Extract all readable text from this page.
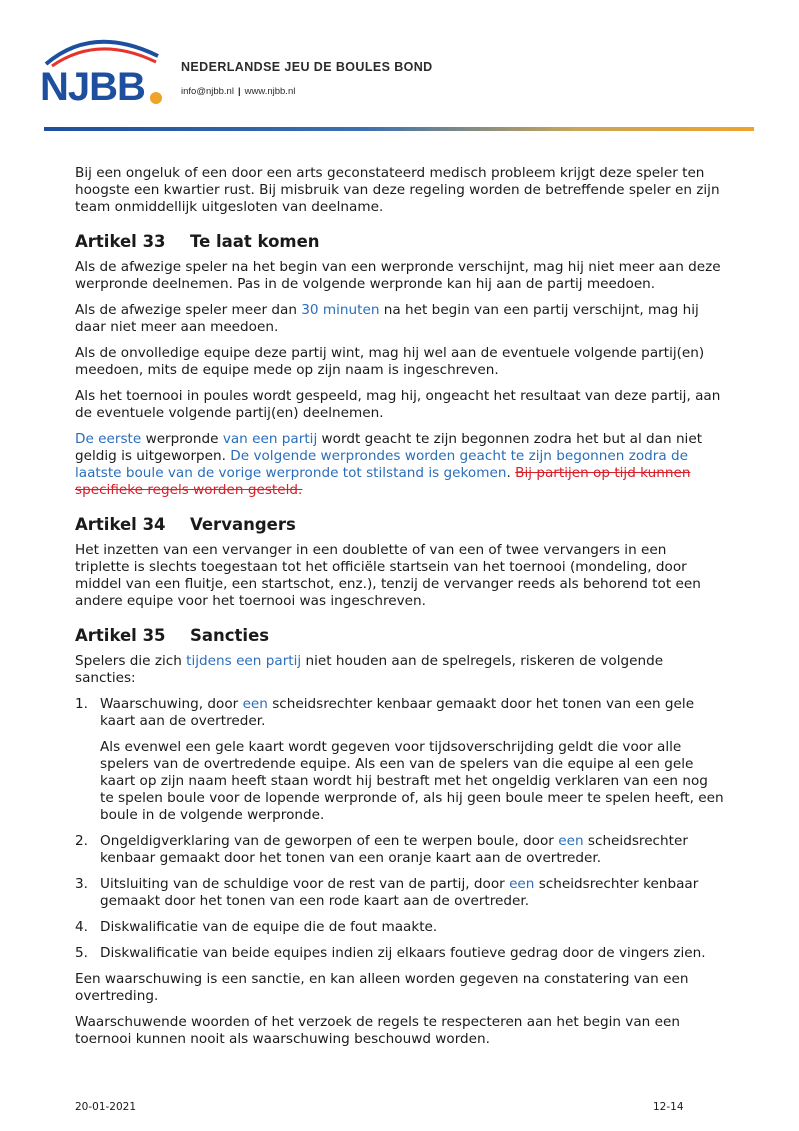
NJBB	NEDERLANDSE JEU DE BOULES BOND
info@njbb.nl | www.njbb.nl

Bij een ongeluk of een door een arts geconstateerd medisch probleem krijgt deze speler ten hoogste een kwartier rust. Bij misbruik van deze regeling worden de betreffende speler en zijn team onmiddellijk uitgesloten van deelname.

Artikel 33 Te laat komen

Als de afwezige speler na het begin van een werpronde verschijnt, mag hij niet meer aan deze werpronde deelnemen. Pas in de volgende werpronde kan hij aan de partij meedoen.

Als de afwezige speler meer dan 30 minuten na het begin van een partij verschijnt, mag hij daar niet meer aan meedoen.

Als de onvolledige equipe deze partij wint, mag hij wel aan de eventuele volgende partij(en) meedoen, mits de equipe mede op zijn naam is ingeschreven.

Als het toernooi in poules wordt gespeeld, mag hij, ongeacht het resultaat van deze partij, aan de eventuele volgende partij(en) deelnemen.

De eerste werpronde van een partij wordt geacht te zijn begonnen zodra het but al dan niet geldig is uitgeworpen. De volgende werprondes worden geacht te zijn begonnen zodra de laatste boule van de vorige werpronde tot stilstand is gekomen. Bij partijen op tijd kunnen specifieke regels worden gesteld.

Artikel 34 Vervangers

Het inzetten van een vervanger in een doublette of van een of twee vervangers in een triplette is slechts toegestaan tot het officiële startsein van het toernooi (mondeling, door middel van een fluitje, een startschot, enz.), tenzij de vervanger reeds als behorend tot een andere equipe voor het toernooi was ingeschreven.

Artikel 35 Sancties

Spelers die zich tijdens een partij niet houden aan de spelregels, riskeren de volgende sancties:

1. Waarschuwing, door een scheidsrechter kenbaar gemaakt door het tonen van een gele kaart aan de overtreder.

Als evenwel een gele kaart wordt gegeven voor tijdsoverschrijding geldt die voor alle spelers van de overtredende equipe. Als een van de spelers van die equipe al een gele kaart op zijn naam heeft staan wordt hij bestraft met het ongeldig verklaren van een nog te spelen boule voor de lopende werpronde of, als hij geen boule meer te spelen heeft, een boule in de volgende werpronde.

2. Ongeldigverklaring van de geworpen of een te werpen boule, door een scheidsrechter kenbaar gemaakt door het tonen van een oranje kaart aan de overtreder.
3. Uitsluiting van de schuldige voor de rest van de partij, door een scheidsrechter kenbaar gemaakt door het tonen van een rode kaart aan de overtreder.
4. Diskwalificatie van de equipe die de fout maakte.
5. Diskwalificatie van beide equipes indien zij elkaars foutieve gedrag door de vingers zien.

Een waarschuwing is een sanctie, en kan alleen worden gegeven na constatering van een overtreding.

Waarschuwende woorden of het verzoek de regels te respecteren aan het begin van een toernooi kunnen nooit als waarschuwing beschouwd worden.

20-01-2021	12-14
